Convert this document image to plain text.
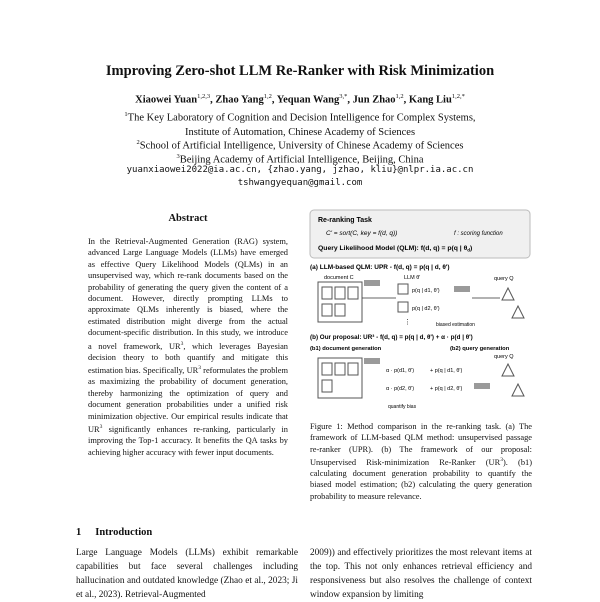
Improving Zero-shot LLM Re-Ranker with Risk Minimization
Xiaowei Yuan$^{1,2,3}$, Zhao Yang$^{1,2}$, Yequan Wang$^{3,*}$, Jun Zhao$^{1,2}$, Kang Liu$^{1,2,*}$
$^1$The Key Laboratory of Cognition and Decision Intelligence for Complex Systems,
Institute of Automation, Chinese Academy of Sciences
$^2$School of Artificial Intelligence, University of Chinese Academy of Sciences
$^3$Beijing Academy of Artificial Intelligence, Beijing, China
yuanxiaowei2022@ia.ac.cn, {zhao.yang, jzhao, kliu}@nlpr.ia.ac.cn
tshwangyequan@gmail.com
Abstract
In the Retrieval-Augmented Generation (RAG) system, advanced Large Language Models (LLMs) have emerged as effective Query Likelihood Models (QLMs) in an unsupervised way, which re-rank documents based on the probability of generating the query given the content of a document. However, directly prompting LLMs to approximate QLMs inherently is biased, where the estimated distribution might diverge from the actual document-specific distribution. In this study, we introduce a novel framework, $UR^3$, which leverages Bayesian decision theory to both quantify and mitigate this estimation bias. Specifically, $UR^3$ reformulates the problem as maximizing the probability of document generation, thereby harmonizing the optimization of query and document generation probabilities under a unified risk minimization objective. Our empirical results indicate that $UR^3$ significantly enhances re-ranking, particularly in improving the Top-1 accuracy. It benefits the QA tasks by achieving higher accuracy with fewer input documents.
Re-ranking Task
C' = sort(C, key = f(d, q))	f : scoring function
Query Likelihood Model (QLM): f(d, q) = p(q | $\theta_d$)
(a) LLM-based QLM: UPR - f(d, q) = p(q | d, θ')
document C	LLM θ'
p(q | d1, θ')
p(q | d2, θ')
⋮	biased estimation
query Q
(b) Our proposal: UR³ - f(d, q) = p(q | d, θ') + α · p(d | θ')
(b1) document generation	(b2) query generation
α · p(d1, θ')	+ p(q | d1, θ')
α · p(d2, θ')	+ p(q | d2, θ')
quantify bias
query Q
Figure 1: Method comparison in the re-ranking task. (a) The framework of LLM-based QLM method: unsupervised passage re-ranker (UPR). (b) The framework of our proposal: Unsupervised Risk-minimization Re-Ranker $(UR^3)$. (b1) calculating document generation probability to quantify the biased model estimation; (b2) calculating the query generation probability to measure relevance.
1 Introduction
Large Language Models (LLMs) exhibit remarkable capabilities but face several challenges including hallucination and outdated knowledge (Zhao et al., 2023; Ji et al., 2023). Retrieval-Augmented
2009)) and effectively prioritizes the most relevant items at the top. This not only enhances retrieval efficiency and responsiveness but also resolves the challenge of context window expansion by limiting
